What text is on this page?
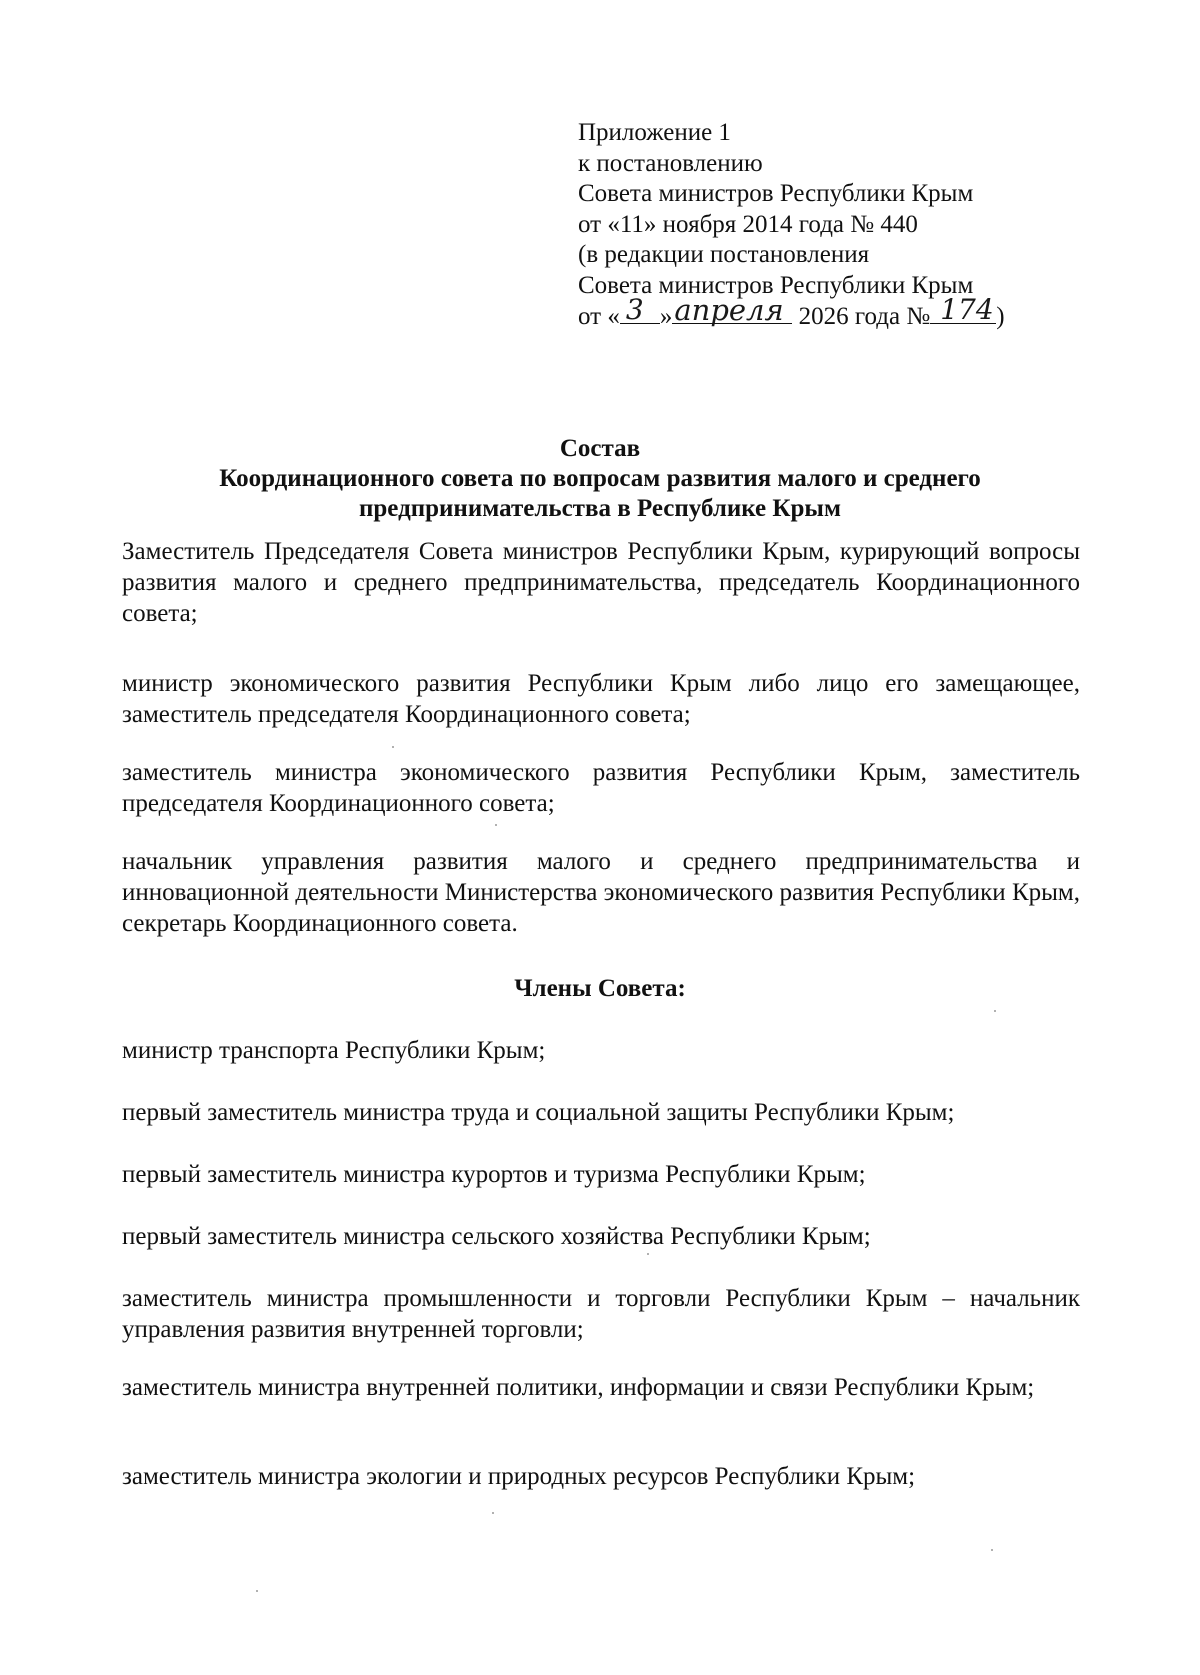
Приложение 1
к постановлению
Совета министров Республики Крым
от «11» ноября 2014 года № 440
(в редакции постановления
Совета министров Республики Крым
от « 3 » апреля 2026 года № 174 )
Состав
Координационного совета по вопросам развития малого и среднего
предпринимательства в Республике Крым

Заместитель Председателя Совета министров Республики Крым, курирующий вопросы развития малого и среднего предпринимательства, председатель Координационного совета;

министр экономического развития Республики Крым либо лицо его замещающее, заместитель председателя Координационного совета;

заместитель министра экономического развития Республики Крым, заместитель председателя Координационного совета;

начальник управления развития малого и среднего предпринимательства и инновационной деятельности Министерства экономического развития Республики Крым, секретарь Координационного совета.

Члены Совета:

министр транспорта Республики Крым;

первый заместитель министра труда и социальной защиты Республики Крым;

первый заместитель министра курортов и туризма Республики Крым;

первый заместитель министра сельского хозяйства Республики Крым;

заместитель министра промышленности и торговли Республики Крым – начальник управления развития внутренней торговли;

заместитель министра внутренней политики, информации и связи Республики Крым;

заместитель министра экологии и природных ресурсов Республики Крым;
